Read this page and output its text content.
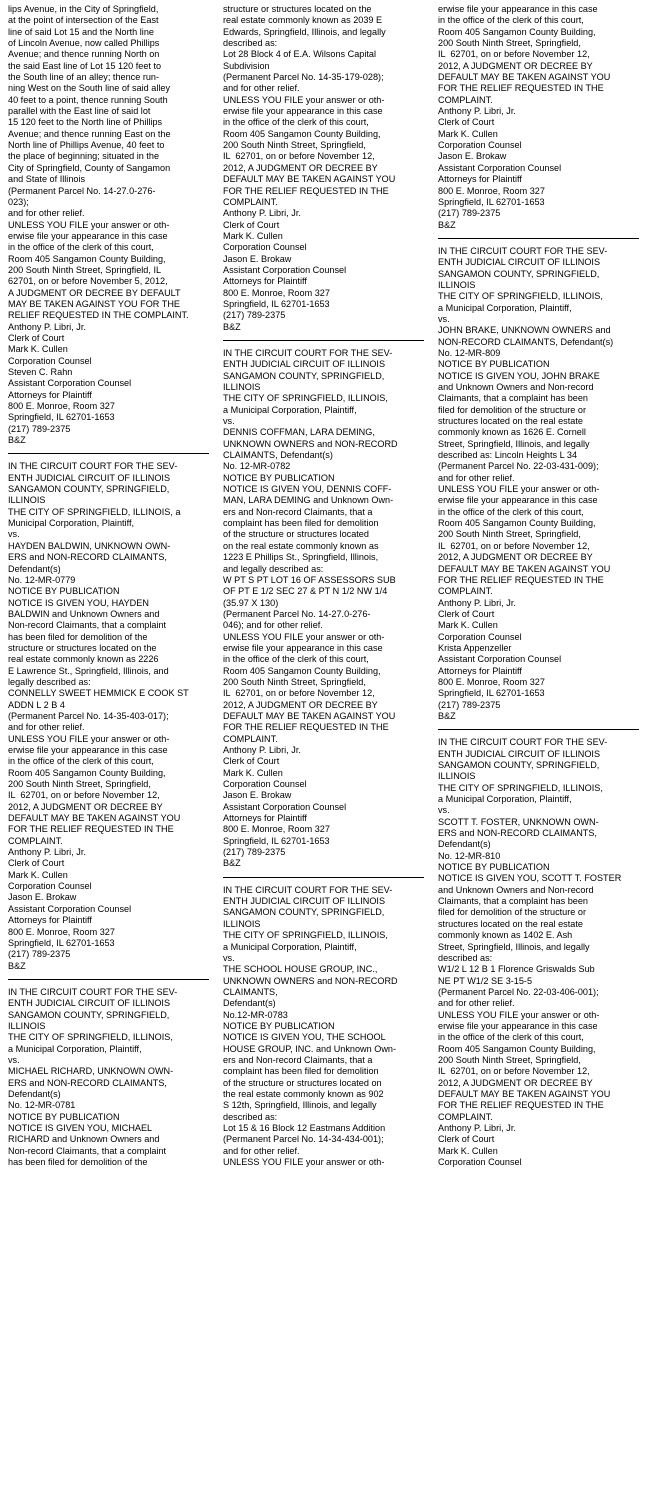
lips Avenue, in the City of Springfield,
at the point of intersection of the East
line of said Lot 15 and the North line
of Lincoln Avenue, now called Phillips
Avenue; and thence running North on
the said East line of Lot 15 120 feet to
the South line of an alley; thence run-
ning West on the South line of said alley
40 feet to a point, thence running South
parallel with the East line of said lot
15 120 feet to the North line of Phillips
Avenue; and thence running East on the
North line of Phillips Avenue, 40 feet to
the place of beginning; situated in the
City of Springfield, County of Sangamon
and State of Illinois
(Permanent Parcel No. 14-27.0-276-
023);
and for other relief.
UNLESS YOU FILE your answer or oth-
erwise file your appearance in this case
in the office of the clerk of this court,
Room 405 Sangamon County Building,
200 South Ninth Street, Springfield, IL
62701, on or before November 5, 2012,
A JUDGMENT OR DECREE BY DEFAULT
MAY BE TAKEN AGAINST YOU FOR THE
RELIEF REQUESTED IN THE COMPLAINT.
Anthony P. Libri, Jr.
Clerk of Court
Mark K. Cullen
Corporation Counsel
Steven C. Rahn
Assistant Corporation Counsel
Attorneys for Plaintiff
800 E. Monroe, Room 327
Springfield, IL 62701-1653
(217) 789-2375
B&Z
IN THE CIRCUIT COURT FOR THE SEV-
ENTH JUDICIAL CIRCUIT OF ILLINOIS
SANGAMON COUNTY, SPRINGFIELD,
ILLINOIS
THE CITY OF SPRINGFIELD, ILLINOIS, a
Municipal Corporation, Plaintiff,
vs.
HAYDEN BALDWIN, UNKNOWN OWN-
ERS and NON-RECORD CLAIMANTS,
Defendant(s)
No. 12-MR-0779
NOTICE BY PUBLICATION
NOTICE IS GIVEN YOU, HAYDEN
BALDWIN and Unknown Owners and
Non-record Claimants, that a complaint
has been filed for demolition of the
structure or structures located on the
real estate commonly known as 2226
E Lawrence St., Springfield, Illinois, and
legally described as:
CONNELLY SWEET HEMMICK E COOK ST
ADDN L 2 B 4
(Permanent Parcel No. 14-35-403-017);
and for other relief.
UNLESS YOU FILE your answer or oth-
erwise file your appearance in this case
in the office of the clerk of this court,
Room 405 Sangamon County Building,
200 South Ninth Street, Springfield,
IL  62701, on or before November 12,
2012, A JUDGMENT OR DECREE BY
DEFAULT MAY BE TAKEN AGAINST YOU
FOR THE RELIEF REQUESTED IN THE
COMPLAINT.
Anthony P. Libri, Jr.
Clerk of Court
Mark K. Cullen
Corporation Counsel
Jason E. Brokaw
Assistant Corporation Counsel
Attorneys for Plaintiff
800 E. Monroe, Room 327
Springfield, IL 62701-1653
(217) 789-2375
B&Z
IN THE CIRCUIT COURT FOR THE SEV-
ENTH JUDICIAL CIRCUIT OF ILLINOIS
SANGAMON COUNTY, SPRINGFIELD,
ILLINOIS
THE CITY OF SPRINGFIELD, ILLINOIS,
a Municipal Corporation, Plaintiff,
vs.
MICHAEL RICHARD, UNKNOWN OWN-
ERS and NON-RECORD CLAIMANTS,
Defendant(s)
No. 12-MR-0781
NOTICE BY PUBLICATION
NOTICE IS GIVEN YOU, MICHAEL
RICHARD and Unknown Owners and
Non-record Claimants, that a complaint
has been filed for demolition of the
structure or structures located on the
real estate commonly known as 2039 E
Edwards, Springfield, Illinois, and legally
described as:
Lot 28 Block 4 of E.A. Wilsons Capital
Subdivision
(Permanent Parcel No. 14-35-179-028);
and for other relief.
UNLESS YOU FILE your answer or oth-
erwise file your appearance in this case
in the office of the clerk of this court,
Room 405 Sangamon County Building,
200 South Ninth Street, Springfield,
IL  62701, on or before November 12,
2012, A JUDGMENT OR DECREE BY
DEFAULT MAY BE TAKEN AGAINST YOU
FOR THE RELIEF REQUESTED IN THE
COMPLAINT.
Anthony P. Libri, Jr.
Clerk of Court
Mark K. Cullen
Corporation Counsel
Jason E. Brokaw
Assistant Corporation Counsel
Attorneys for Plaintiff
800 E. Monroe, Room 327
Springfield, IL 62701-1653
(217) 789-2375
B&Z
IN THE CIRCUIT COURT FOR THE SEV-
ENTH JUDICIAL CIRCUIT OF ILLINOIS
SANGAMON COUNTY, SPRINGFIELD,
ILLINOIS
THE CITY OF SPRINGFIELD, ILLINOIS,
a Municipal Corporation, Plaintiff,
vs.
DENNIS COFFMAN, LARA DEMING,
UNKNOWN OWNERS and NON-RECORD
CLAIMANTS, Defendant(s)
No. 12-MR-0782
NOTICE BY PUBLICATION
NOTICE IS GIVEN YOU, DENNIS COFF-
MAN, LARA DEMING and Unknown Own-
ers and Non-record Claimants, that a
complaint has been filed for demolition
of the structure or structures located
on the real estate commonly known as
1223 E Phillips St., Springfield, Illinois,
and legally described as:
W PT S PT LOT 16 OF ASSESSORS SUB
OF PT E 1/2 SEC 27 & PT N 1/2 NW 1/4
(35.97 X 130)
(Permanent Parcel No. 14-27.0-276-
046); and for other relief.
UNLESS YOU FILE your answer or oth-
erwise file your appearance in this case
in the office of the clerk of this court,
Room 405 Sangamon County Building,
200 South Ninth Street, Springfield,
IL  62701, on or before November 12,
2012, A JUDGMENT OR DECREE BY
DEFAULT MAY BE TAKEN AGAINST YOU
FOR THE RELIEF REQUESTED IN THE
COMPLAINT.
Anthony P. Libri, Jr.
Clerk of Court
Mark K. Cullen
Corporation Counsel
Jason E. Brokaw
Assistant Corporation Counsel
Attorneys for Plaintiff
800 E. Monroe, Room 327
Springfield, IL 62701-1653
(217) 789-2375
B&Z
IN THE CIRCUIT COURT FOR THE SEV-
ENTH JUDICIAL CIRCUIT OF ILLINOIS
SANGAMON COUNTY, SPRINGFIELD,
ILLINOIS
THE CITY OF SPRINGFIELD, ILLINOIS,
a Municipal Corporation, Plaintiff,
vs.
THE SCHOOL HOUSE GROUP, INC.,
UNKNOWN OWNERS and NON-RECORD
CLAIMANTS,
Defendant(s)
No.12-MR-0783
NOTICE BY PUBLICATION
NOTICE IS GIVEN YOU, THE SCHOOL
HOUSE GROUP, INC. and Unknown Own-
ers and Non-record Claimants, that a
complaint has been filed for demolition
of the structure or structures located on
the real estate commonly known as 902
S 12th, Springfield, Illinois, and legally
described as:
Lot 15 & 16 Block 12 Eastmans Addition
(Permanent Parcel No. 14-34-434-001);
and for other relief.
UNLESS YOU FILE your answer or oth-
erwise file your appearance in this case
in the office of the clerk of this court,
Room 405 Sangamon County Building,
200 South Ninth Street, Springfield,
IL  62701, on or before November 12,
2012, A JUDGMENT OR DECREE BY
DEFAULT MAY BE TAKEN AGAINST YOU
FOR THE RELIEF REQUESTED IN THE
COMPLAINT.
Anthony P. Libri, Jr.
Clerk of Court
Mark K. Cullen
Corporation Counsel
Jason E. Brokaw
Assistant Corporation Counsel
Attorneys for Plaintiff
800 E. Monroe, Room 327
Springfield, IL 62701-1653
(217) 789-2375
B&Z
IN THE CIRCUIT COURT FOR THE SEV-
ENTH JUDICIAL CIRCUIT OF ILLINOIS
SANGAMON COUNTY, SPRINGFIELD,
ILLINOIS
THE CITY OF SPRINGFIELD, ILLINOIS,
a Municipal Corporation, Plaintiff,
vs.
JOHN BRAKE, UNKNOWN OWNERS and
NON-RECORD CLAIMANTS, Defendant(s)
No. 12-MR-809
NOTICE BY PUBLICATION
NOTICE IS GIVEN YOU, JOHN BRAKE
and Unknown Owners and Non-record
Claimants, that a complaint has been
filed for demolition of the structure or
structures located on the real estate
commonly known as 1626 E. Cornell
Street, Springfield, Illinois, and legally
described as: Lincoln Heights L 34
(Permanent Parcel No. 22-03-431-009);
and for other relief.
UNLESS YOU FILE your answer or oth-
erwise file your appearance in this case
in the office of the clerk of this court,
Room 405 Sangamon County Building,
200 South Ninth Street, Springfield,
IL  62701, on or before November 12,
2012, A JUDGMENT OR DECREE BY
DEFAULT MAY BE TAKEN AGAINST YOU
FOR THE RELIEF REQUESTED IN THE
COMPLAINT.
Anthony P. Libri, Jr.
Clerk of Court
Mark K. Cullen
Corporation Counsel
Krista Appenzeller
Assistant Corporation Counsel
Attorneys for Plaintiff
800 E. Monroe, Room 327
Springfield, IL 62701-1653
(217) 789-2375
B&Z
IN THE CIRCUIT COURT FOR THE SEV-
ENTH JUDICIAL CIRCUIT OF ILLINOIS
SANGAMON COUNTY, SPRINGFIELD,
ILLINOIS
THE CITY OF SPRINGFIELD, ILLINOIS,
a Municipal Corporation, Plaintiff,
vs.
SCOTT T. FOSTER, UNKNOWN OWN-
ERS and NON-RECORD CLAIMANTS,
Defendant(s)
No. 12-MR-810
NOTICE BY PUBLICATION
NOTICE IS GIVEN YOU, SCOTT T. FOSTER
and Unknown Owners and Non-record
Claimants, that a complaint has been
filed for demolition of the structure or
structures located on the real estate
commonly known as 1402 E. Ash
Street, Springfield, Illinois, and legally
described as:
W1/2 L 12 B 1 Florence Griswalds Sub
NE PT W1/2 SE 3-15-5
(Permanent Parcel No. 22-03-406-001);
and for other relief.
UNLESS YOU FILE your answer or oth-
erwise file your appearance in this case
in the office of the clerk of this court,
Room 405 Sangamon County Building,
200 South Ninth Street, Springfield,
IL  62701, on or before November 12,
2012, A JUDGMENT OR DECREE BY
DEFAULT MAY BE TAKEN AGAINST YOU
FOR THE RELIEF REQUESTED IN THE
COMPLAINT.
Anthony P. Libri, Jr.
Clerk of Court
Mark K. Cullen
Corporation Counsel
